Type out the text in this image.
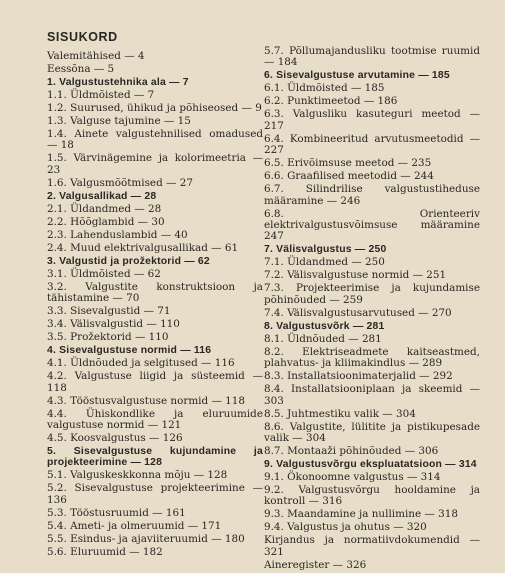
SISUKORD
Valemitähised — 4
Eessõna — 5
1. Valgustustehnika ala — 7
1.1. Üldmõisted — 7
1.2. Suurused, ühikud ja põhiseosed — 9
1.3. Valguse tajumine — 15
1.4. Ainete valgustehnilised omadused — 18
1.5. Värvinägemine ja kolorimeetria — 23
1.6. Valgusmõõtmised — 27
2. Valgusallikad — 28
2.1. Üldandmed — 28
2.2. Hõõglambid — 30
2.3. Lahenduslambid — 40
2.4. Muud elektrivalgusallikad — 61
3. Valgustid ja prožektorid — 62
3.1. Üldmõisted — 62
3.2. Valgustite konstruktsioon ja tähistamine — 70
3.3. Sisevalgustid — 71
3.4. Välisvalgustid — 110
3.5. Prožektorid — 110
4. Sisevalgustuse normid — 116
4.1. Üldnõuded ja selgitused — 116
4.2. Valgustuse liigid ja süsteemid — 118
4.3. Tööstusvalgustuse normid — 118
4.4. Ühiskondlike ja eluruumide valgustuse normid — 121
4.5. Koosvalgustus — 126
5. Sisevalgustuse kujundamine ja projekteerimine — 128
5.1. Valguskeskkonna mõju — 128
5.2. Sisevalgustuse projekteerimine — 136
5.3. Tööstusruumid — 161
5.4. Ameti- ja olmeruumid — 171
5.5. Esindus- ja ajaviiteruumid — 180
5.6. Eluruumid — 182
5.7. Põllumajandusliku tootmise ruumid — 184
6. Sisevalgustuse arvutamine — 185
6.1. Üldmõisted — 185
6.2. Punktimeetod — 186
6.3. Valgusliku kasuteguri meetod — 217
6.4. Kombineeritud arvutusmeetodid — 227
6.5. Erivõimsuse meetod — 235
6.6. Graafilised meetodid — 244
6.7. Silindrilise valgustustiheduse määramine — 246
6.8. Orienteeriv elektrivalgustusvõimsuse määramine 247
7. Välisvalgustus — 250
7.1. Üldandmed — 250
7.2. Välisvalgustuse normid — 251
7.3. Projekteerimise ja kujundamise põhinõuded — 259
7.4. Välisvalgustusarvutused — 270
8. Valgustusvõrk — 281
8.1. Üldnõuded — 281
8.2. Elektriseadmete kaitseastmed, plahvatus- ja kliimakindlus — 289
8.3. Installatsioonimaterjalid — 292
8.4. Installatsiooniplaan ja skeemid — 303
8.5. Juhtmestiku valik — 304
8.6. Valgustite, lülitite ja pistikupesade valik — 304
8.7. Montaaži põhinõuded — 306
9. Valgustusvõrgu ekspluatatsioon — 314
9.1. Ökonoomne valgustus — 314
9.2. Valgustusvõrgu hooldamine ja kontroll — 316
9.3. Maandamine ja nullimine — 318
9.4. Valgustus ja ohutus — 320
Kirjandus ja normatiivdokumendid — 321
Aineregister — 326
